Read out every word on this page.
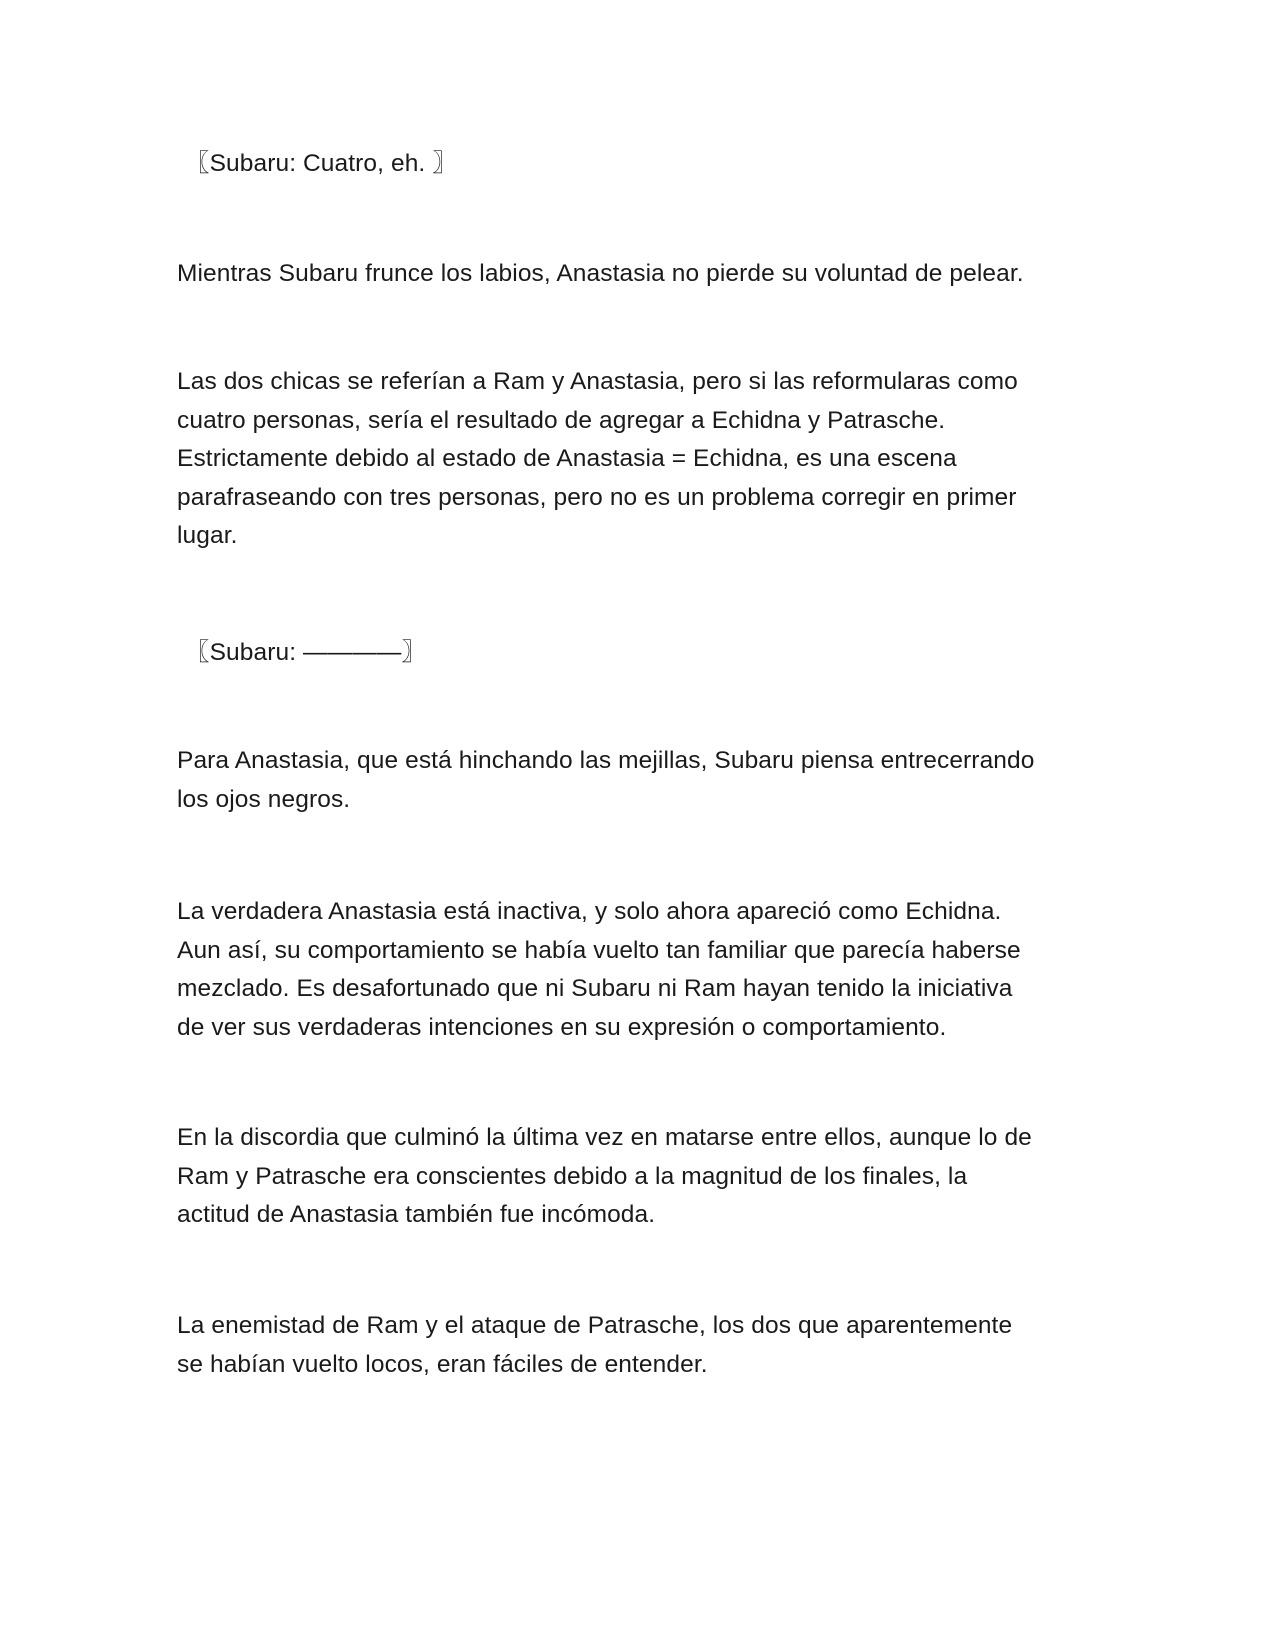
〖Subaru: Cuatro, eh. 〗

Mientras Subaru frunce los labios, Anastasia no pierde su voluntad de pelear.

Las dos chicas se referían a Ram y Anastasia, pero si las reformularas como
cuatro personas, sería el resultado de agregar a Echidna y Patrasche.
Estrictamente debido al estado de Anastasia = Echidna, es una escena
parafraseando con tres personas, pero no es un problema corregir en primer
lugar.

〖Subaru: ————〗

Para Anastasia, que está hinchando las mejillas, Subaru piensa entrecerrando
los ojos negros.

La verdadera Anastasia está inactiva, y solo ahora apareció como Echidna.
Aun así, su comportamiento se había vuelto tan familiar que parecía haberse
mezclado. Es desafortunado que ni Subaru ni Ram hayan tenido la iniciativa
de ver sus verdaderas intenciones en su expresión o comportamiento.

En la discordia que culminó la última vez en matarse entre ellos, aunque lo de
Ram y Patrasche era conscientes debido a la magnitud de los finales, la
actitud de Anastasia también fue incómoda.

La enemistad de Ram y el ataque de Patrasche, los dos que aparentemente
se habían vuelto locos, eran fáciles de entender.
